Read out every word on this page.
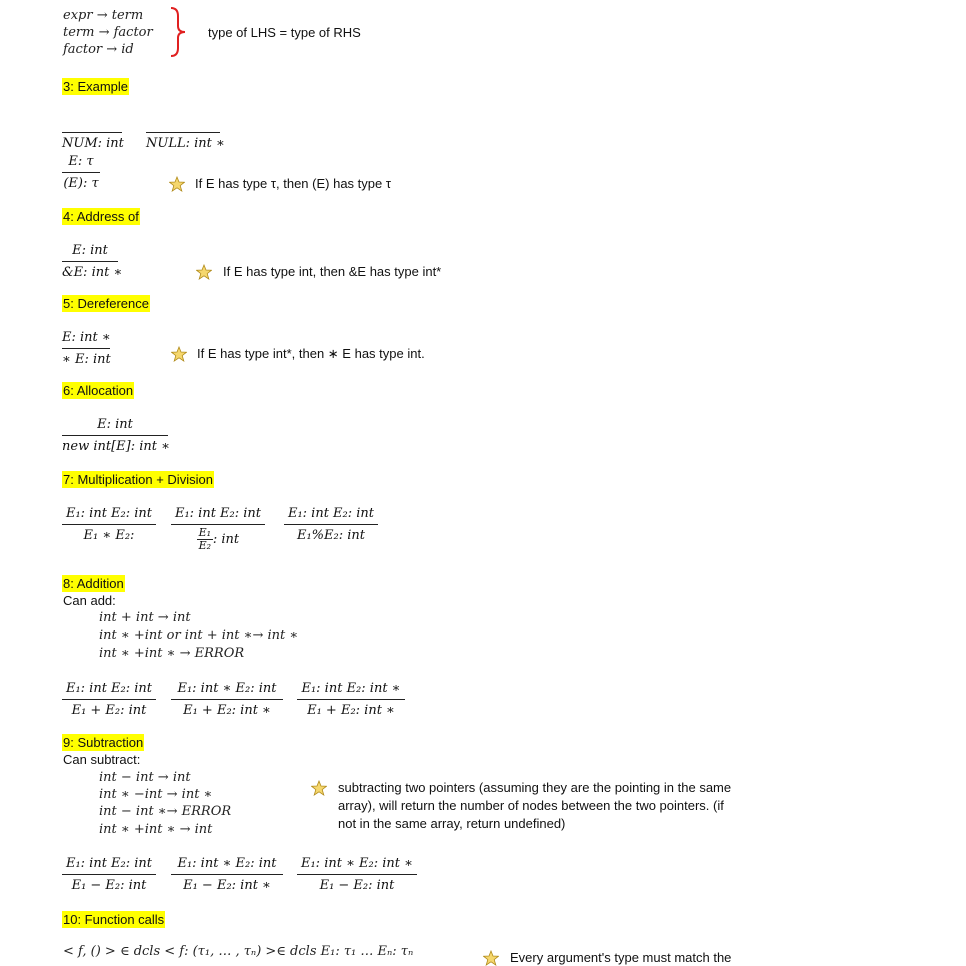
expr → term
term → factor
factor → id
type of LHS = type of RHS
3: Example

NUM: int
NULL: int ∗
E: τ
(E): τ	If E has type τ, then (E) has type τ
4: Address of
E: int
&E: int ∗	If E has type int, then &E has type int*
5: Dereference
E: int ∗
∗ E: int	If E has type int*, then ∗ E has type int.
6: Allocation
E: int
new int[E]: int ∗
7: Multiplication + Division
E₁: int E₂: int
E₁ ∗ E₂:
E₁: int E₂: int
$\frac{\text{E₁}}{\text{E₂}}$ : int
E₁: int E₂: int
E₁%E₂: int
8: Addition
Can add:
int + int → int
int ∗ +int or int + int ∗→ int ∗
int ∗ +int ∗ → ERROR
E₁: int E₂: int
E₁ + E₂: int
E₁: int ∗ E₂: int
E₁ + E₂: int ∗
E₁: int E₂: int ∗
E₁ + E₂: int ∗
9: Subtraction
Can subtract:
int − int → int
int ∗ −int → int ∗
int − int ∗→ ERROR
int ∗ +int ∗ → int
subtracting two pointers (assuming they are the pointing in the same
array), will return the number of nodes between the two pointers. (if
not in the same array, return undefined)
E₁: int E₂: int
E₁ − E₂: int
E₁: int ∗ E₂: int
E₁ − E₂: int ∗
E₁: int ∗ E₂: int ∗
E₁ − E₂: int
10: Function calls
< f, () > ∈ dcls < f: (τ₁, … , τₙ) >∈ dcls E₁: τ₁ … Eₙ: τₙ	Every argument's type must match the
